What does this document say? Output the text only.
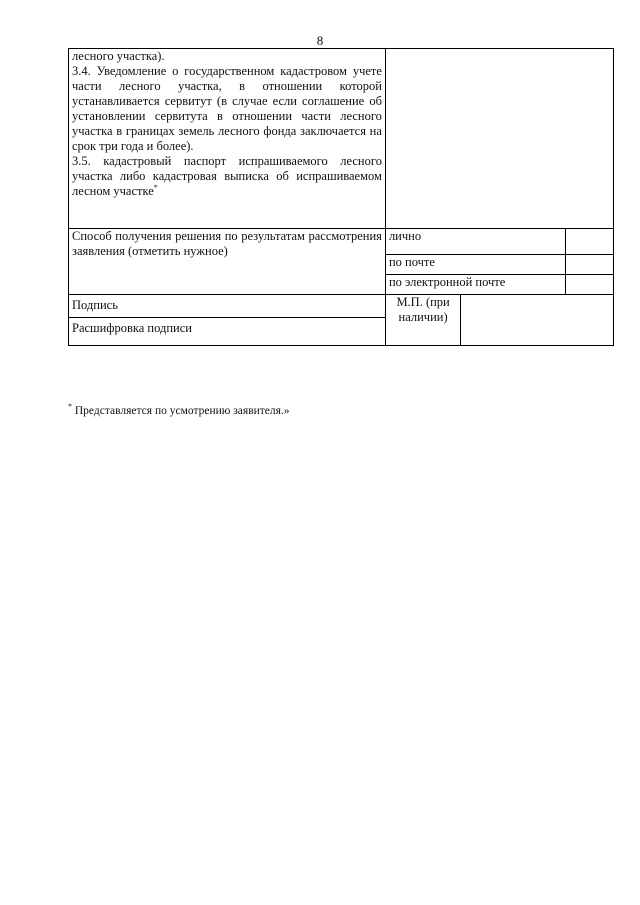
8

лесного участка).

3.4. Уведомление о государственном кадастровом учете части лесного участка, в отношении которой устанавливается сервитут (в случае если соглашение об установлении сервитута в отношении части лесного участка в границах земель лесного фонда заключается на срок три года и более).

3.5. кадастровый паспорт испрашиваемого лесного участка либо кадастровая выписка об испрашиваемом лесном участке*

Способ получения решения по результатам рассмотрения заявления (отметить нужное)	лично		
	по почте		
	по электронной почте		
Подпись	М.П. (при наличии)		
Расшифровка подписи			
* Представляется по усмотрению заявителя.»
